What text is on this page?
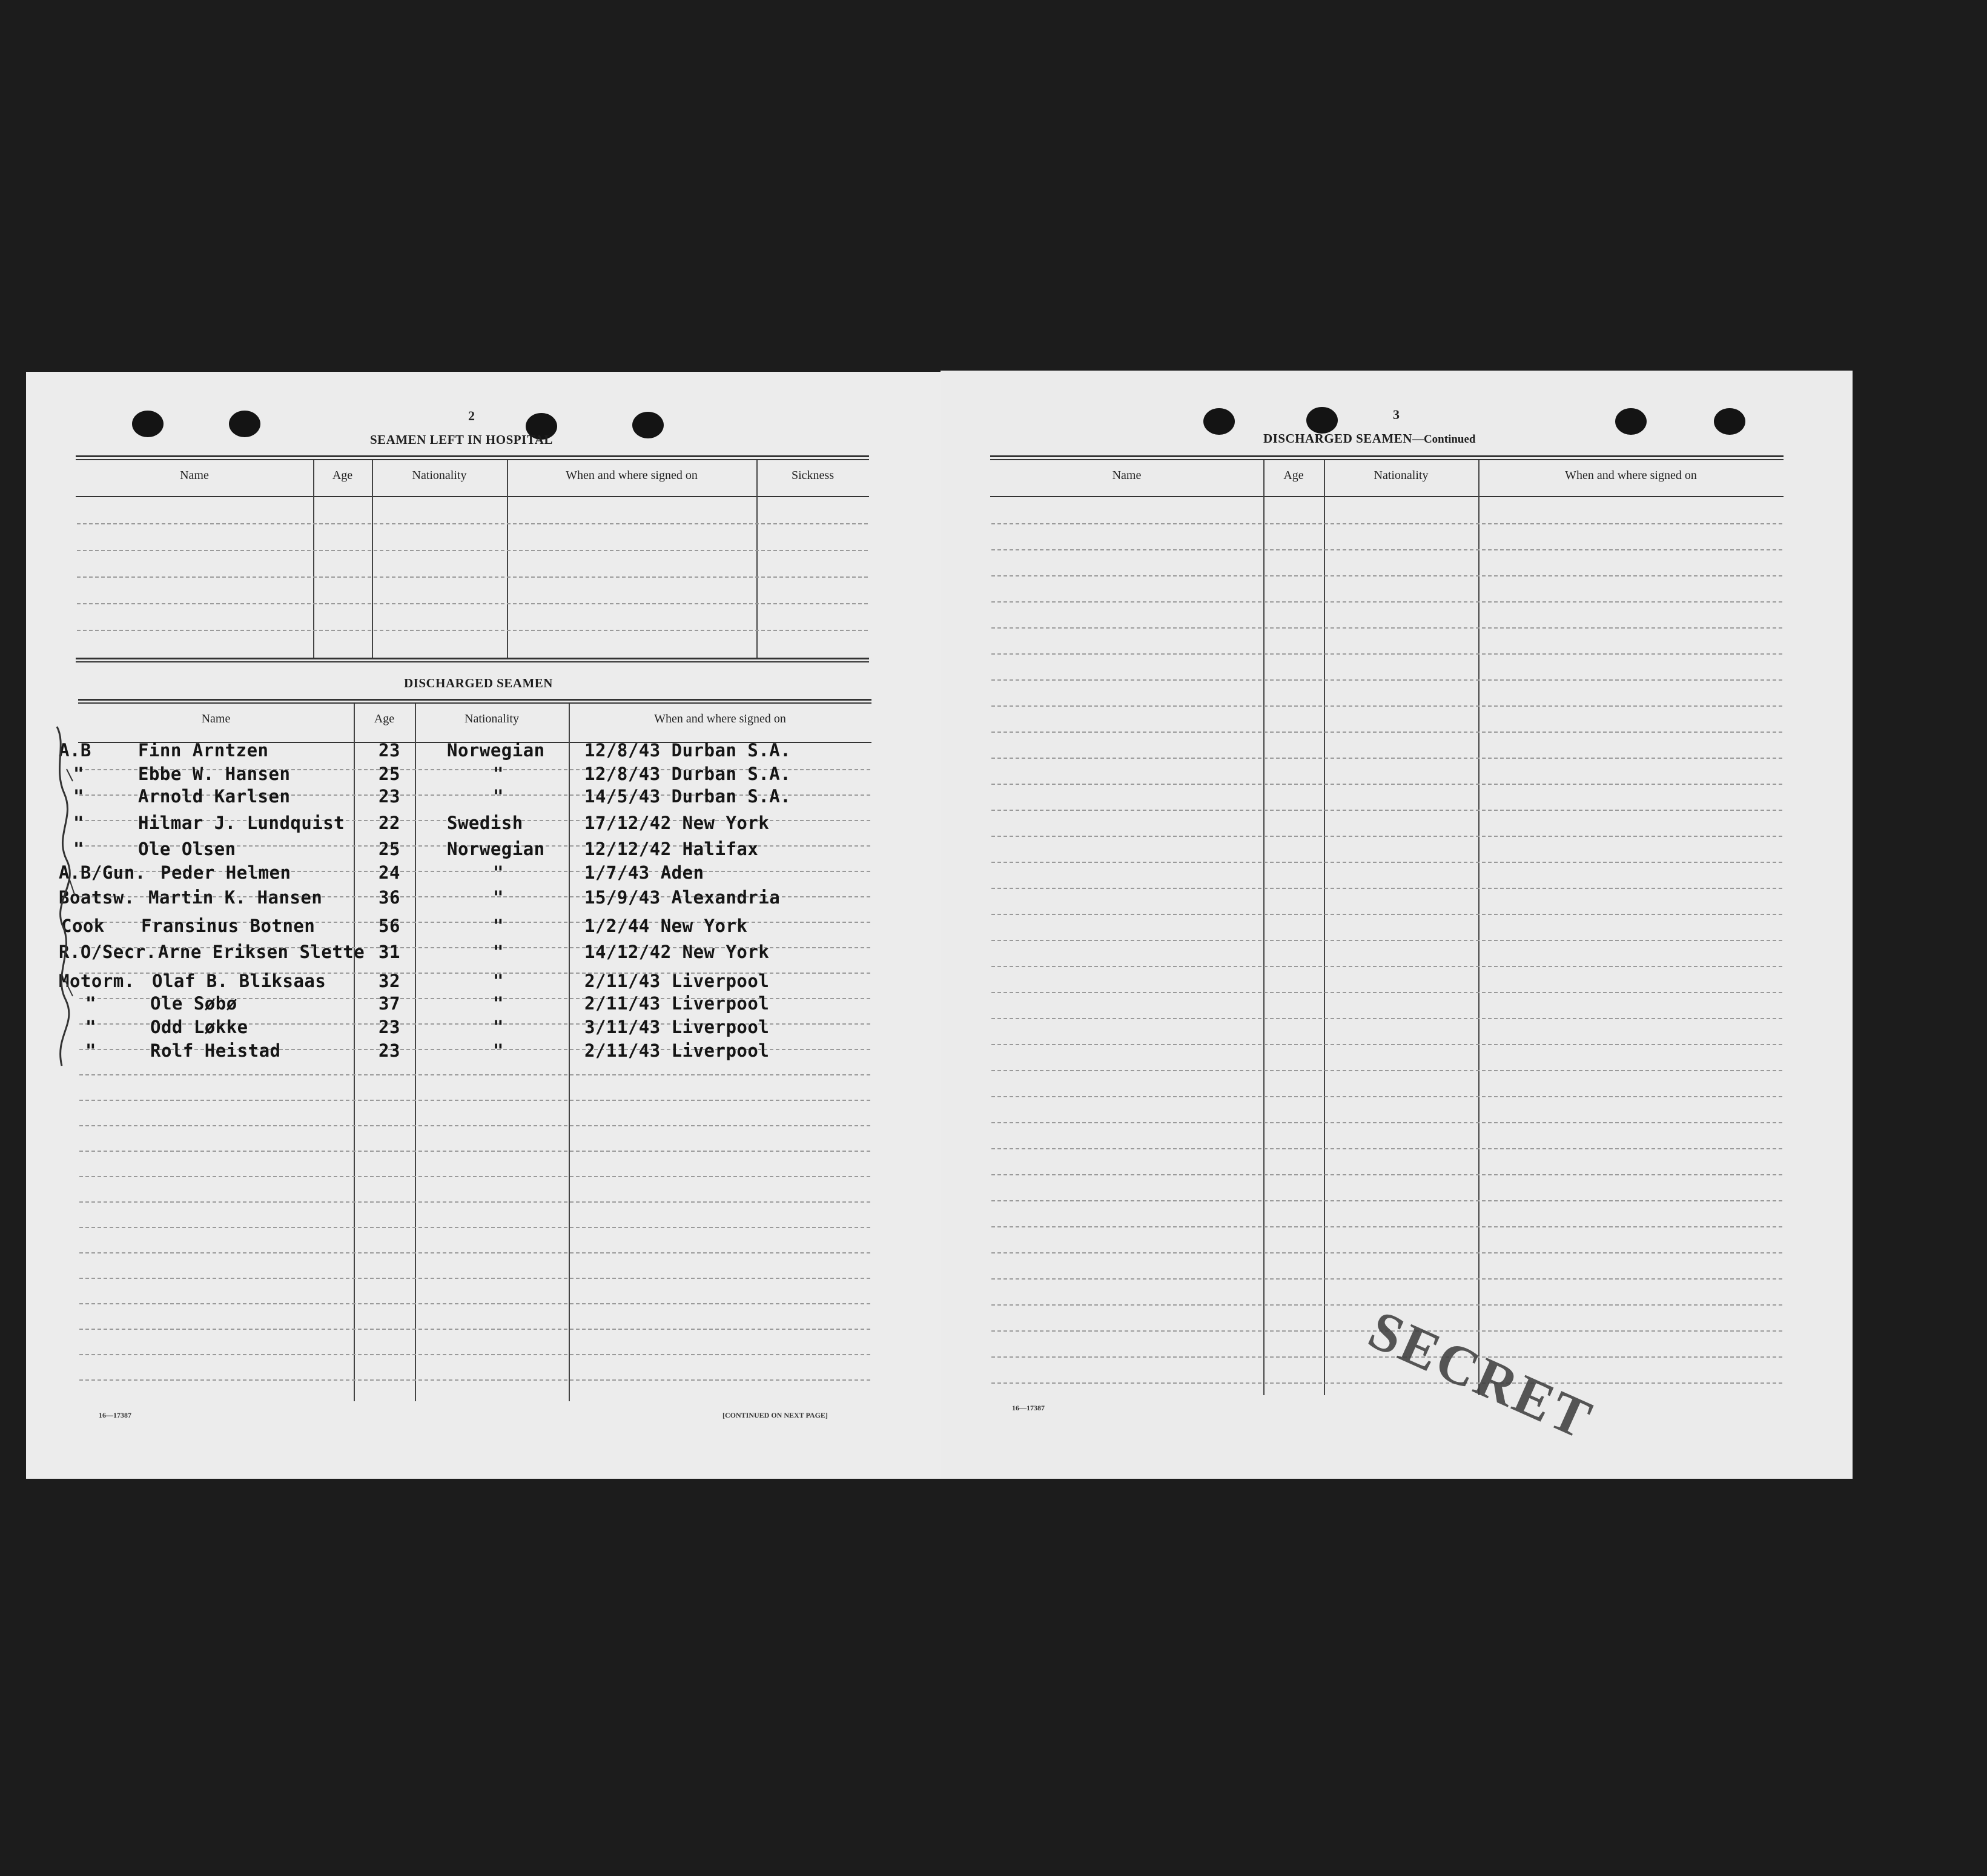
2
SEAMEN LEFT IN HOSPITAL
Name	Age	Nationality	When and where signed on	Sickness
DISCHARGED SEAMEN
Name	Age	Nationality	When and where signed on
A.B	Finn Arntzen	23	Norwegian 12/8/43 Durban S.A.
"	Ebbe W. Hansen	25	"	12/8/43 Durban S.A.
"	Arnold Karlsen	23	"	14/5/43 Durban S.A.
"	Hilmar J. Lundquist 22	Swedish	17/12/42 New York
"	Ole Olsen	25	Norwegian 12/12/42 Halifax
A.B/Gun. Peder Helmen	24	"	1/7/43 Aden
Boatsw. Martin K. Hansen	36	"	15/9/43 Alexandria
Cook Fransinus Botnen	56	"	1/2/44 New York
R.O/Secr. Arne Eriksen Slette 31	"	14/12/42 New York
Motorm. Olaf B. Bliksaas	32	"	2/11/43 Liverpool
"	Ole Søbø	37	"	2/11/43 Liverpool
"	Odd Løkke	23	"	3/11/43 Liverpool
"	Rolf Heistad	23	"	2/11/43 Liverpool
16—17387	[CONTINUED ON NEXT PAGE]
3
DISCHARGED SEAMEN—Continued
Name	Age	Nationality	When and where signed on
16—17387	SECRET
